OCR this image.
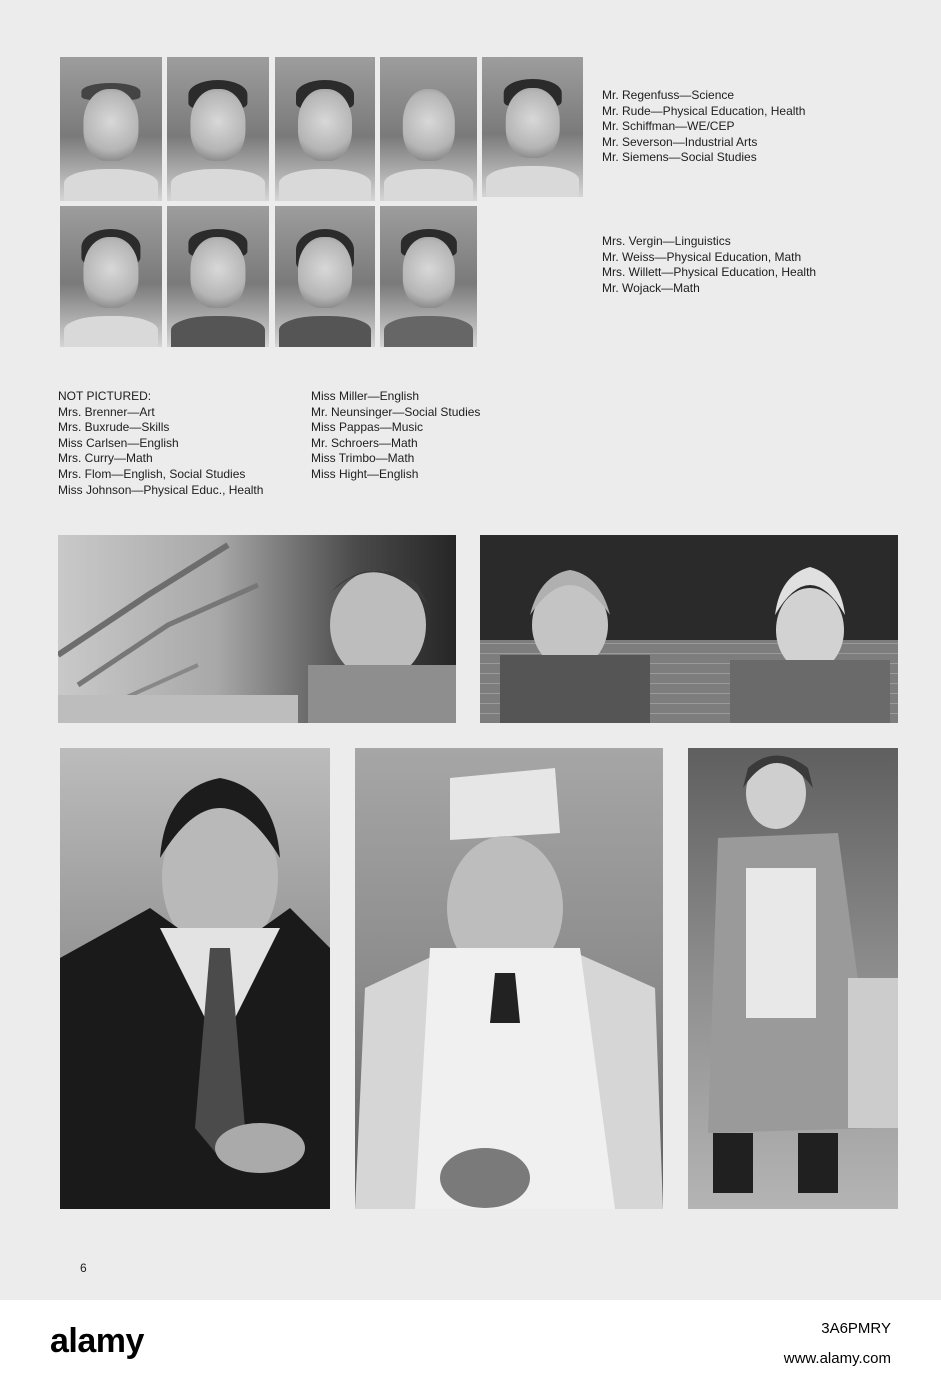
Mr. Regenfuss—Science
Mr. Rude—Physical Education, Health
Mr. Schiffman—WE/CEP
Mr. Severson—Industrial Arts
Mr. Siemens—Social Studies
Mrs. Vergin—Linguistics
Mr. Weiss—Physical Education, Math
Mrs. Willett—Physical Education, Health
Mr. Wojack—Math
NOT PICTURED:
Mrs. Brenner—Art
Mrs. Buxrude—Skills
Miss Carlsen—English
Mrs. Curry—Math
Mrs. Flom—English, Social Studies
Miss Johnson—Physical Educ., Health
Miss Miller—English
Mr. Neunsinger—Social Studies
Miss Pappas—Music
Mr. Schroers—Math
Miss Trimbo—Math
Miss Hight—English
6
alamy	3A6PMRY
www.alamy.com
